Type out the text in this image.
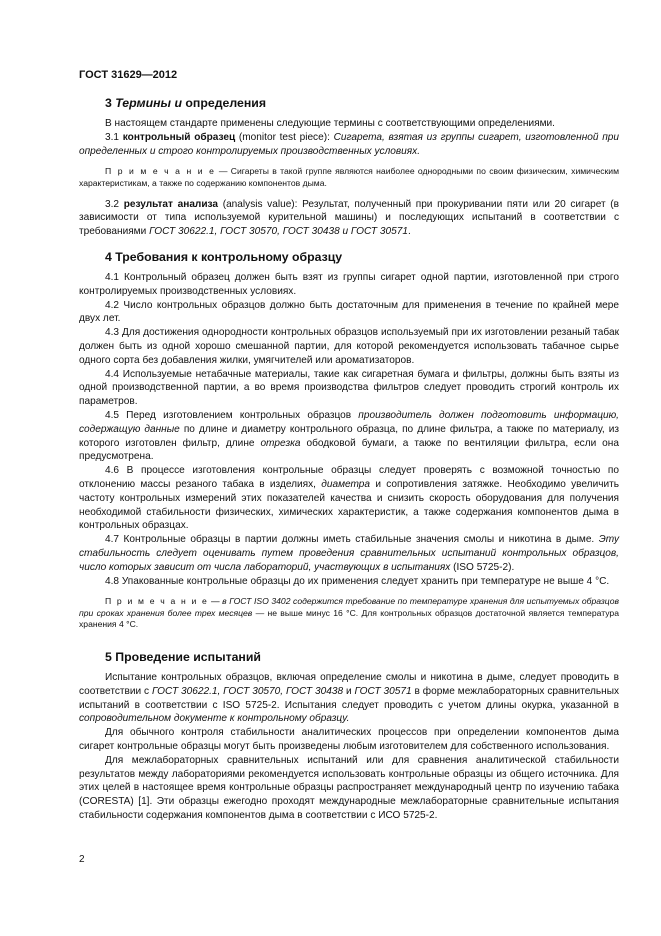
ГОСТ 31629—2012
3 Термины и определения

В настоящем стандарте применены следующие термины с соответствующими определениями.

3.1 контрольный образец (monitor test piece): Сигарета, взятая из группы сигарет, изготовленной при определенных и строго контролируемых производственных условиях.

П р и м е ч а н и е — Сигареты в такой группе являются наиболее однородными по своим физическим, химическим характеристикам, а также по содержанию компонентов дыма.

3.2 результат анализа (analysis value): Результат, полученный при прокуривании пяти или 20 сигарет (в зависимости от типа используемой курительной машины) и последующих испытаний в соответствии с требованиями ГОСТ 30622.1, ГОСТ 30570, ГОСТ 30438 и ГОСТ 30571.

4 Требования к контрольному образцу

4.1 Контрольный образец должен быть взят из группы сигарет одной партии, изготовленной при строго контролируемых производственных условиях.

4.2 Число контрольных образцов должно быть достаточным для применения в течение по крайней мере двух лет.

4.3 Для достижения однородности контрольных образцов используемый при их изготовлении резаный табак должен быть из одной хорошо смешанной партии, для которой рекомендуется использовать табачное сырье одного сорта без добавления жилки, умягчителей или ароматизаторов.

4.4 Используемые нетабачные материалы, такие как сигаретная бумага и фильтры, должны быть взяты из одной производственной партии, а во время производства фильтров следует проводить строгий контроль их параметров.

4.5 Перед изготовлением контрольных образцов производитель должен подготовить информацию, содержащую данные по длине и диаметру контрольного образца, по длине фильтра, а также по материалу, из которого изготовлен фильтр, длине отрезка ободковой бумаги, а также по вентиляции фильтра, если она предусмотрена.

4.6 В процессе изготовления контрольные образцы следует проверять с возможной точностью по отклонению массы резаного табака в изделиях, диаметра и сопротивления затяжке. Необходимо увеличить частоту контрольных измерений этих показателей качества и снизить скорость оборудования для получения необходимой стабильности физических, химических характеристик, а также содержания компонентов дыма в контрольных образцах.

4.7 Контрольные образцы в партии должны иметь стабильные значения смолы и никотина в дыме. Эту стабильность следует оценивать путем проведения сравнительных испытаний контрольных образцов, число которых зависит от числа лабораторий, участвующих в испытаниях (ISO 5725-2).

4.8 Упакованные контрольные образцы до их применения следует хранить при температуре не выше 4 °С.

П р и м е ч а н и е — в ГОСТ ISO 3402 содержится требование по температуре хранения для испытуемых образцов при сроках хранения более трех месяцев — не выше минус 16 °С. Для контрольных образцов достаточной является температура хранения 4 °С.
5 Проведение испытаний

Испытание контрольных образцов, включая определение смолы и никотина в дыме, следует проводить в соответствии с ГОСТ 30622.1, ГОСТ 30570, ГОСТ 30438 и ГОСТ 30571 в форме межлабораторных сравнительных испытаний в соответствии с ISO 5725-2. Испытания следует проводить с учетом длины окурка, указанной в сопроводительном документе к контрольному образцу.

Для обычного контроля стабильности аналитических процессов при определении компонентов дыма сигарет контрольные образцы могут быть произведены любым изготовителем для собственного использования.

Для межлабораторных сравнительных испытаний или для сравнения аналитической стабильности результатов между лабораториями рекомендуется использовать контрольные образцы из общего источника. Для этих целей в настоящее время контрольные образцы распространяет международный центр по изучению табака (CORESTA) [1]. Эти образцы ежегодно проходят международные межлабораторные сравнительные испытания стабильности содержания компонентов дыма в соответствии с ИСО 5725-2.

2
